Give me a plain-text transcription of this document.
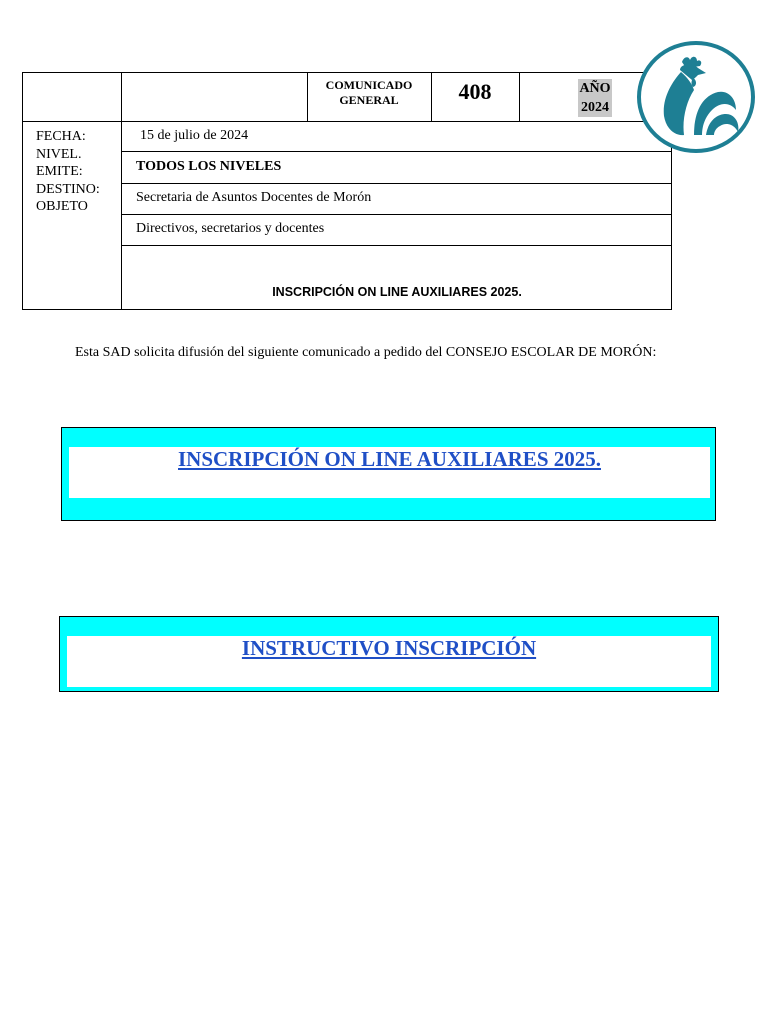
COMUNICADO
GENERAL	408	AÑO
2024
FECHA:
NIVEL.
EMITE:
DESTINO:
OBJETO
15 de julio de 2024
TODOS LOS NIVELES
Secretaria de Asuntos Docentes de Morón
Directivos, secretarios y docentes
INSCRIPCIÓN ON LINE AUXILIARES 2025.
Esta SAD solicita difusión del siguiente comunicado a pedido del CONSEJO ESCOLAR DE MORÓN:
INSCRIPCIÓN ON LINE AUXILIARES 2025.
INSTRUCTIVO INSCRIPCIÓN
